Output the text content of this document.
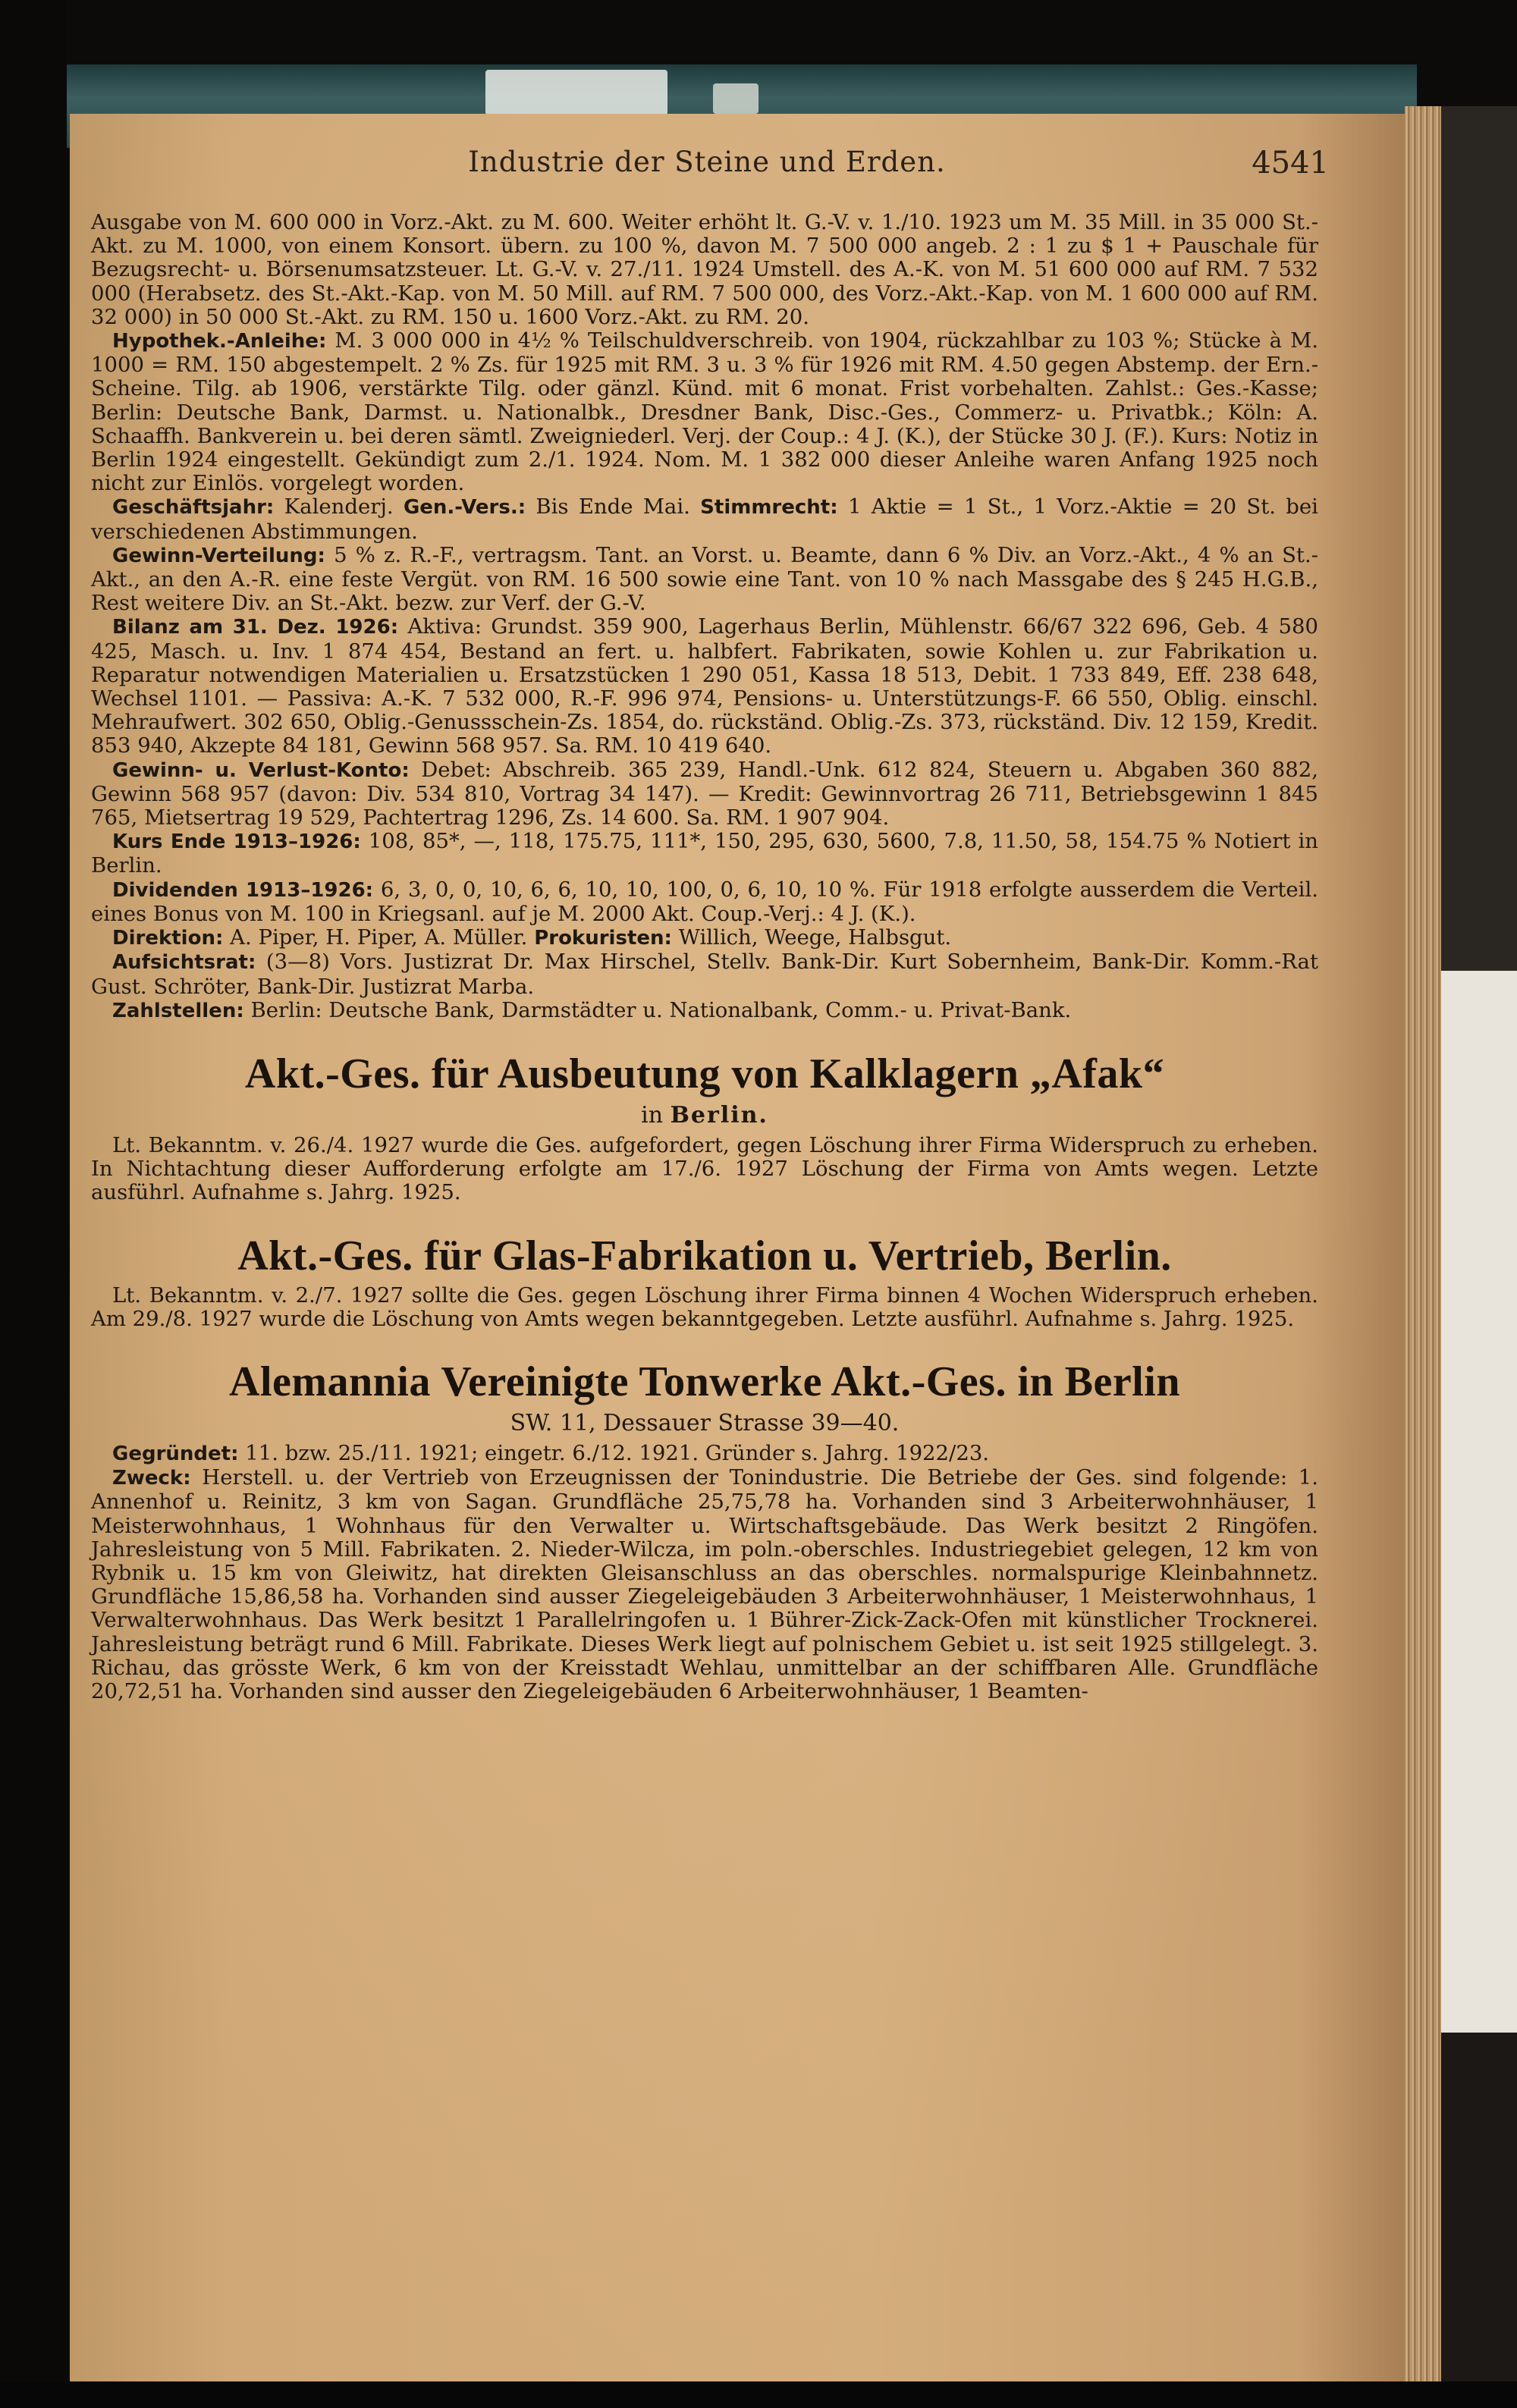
Industrie der Steine und Erden.	4541

Ausgabe von M. 600 000 in Vorz.-Akt. zu M. 600. Weiter erhöht lt. G.-V. v. 1./10. 1923 um M. 35 Mill. in 35 000 St.-Akt. zu M. 1000, von einem Konsort. übern. zu 100 %, davon M. 7 500 000 angeb. 2 : 1 zu $ 1 + Pauschale für Bezugsrecht- u. Börsenumsatzsteuer. Lt. G.-V. v. 27./11. 1924 Umstell. des A.-K. von M. 51 600 000 auf RM. 7 532 000 (Herabsetz. des St.-Akt.-Kap. von M. 50 Mill. auf RM. 7 500 000, des Vorz.-Akt.-Kap. von M. 1 600 000 auf RM. 32 000) in 50 000 St.-Akt. zu RM. 150 u. 1600 Vorz.-Akt. zu RM. 20.

Hypothek.-Anleihe: M. 3 000 000 in 4½ % Teilschuldverschreib. von 1904, rückzahlbar zu 103 %; Stücke à M. 1000 = RM. 150 abgestempelt. 2 % Zs. für 1925 mit RM. 3 u. 3 % für 1926 mit RM. 4.50 gegen Abstemp. der Ern.-Scheine. Tilg. ab 1906, verstärkte Tilg. oder gänzl. Künd. mit 6 monat. Frist vorbehalten. Zahlst.: Ges.-Kasse; Berlin: Deutsche Bank, Darmst. u. Nationalbk., Dresdner Bank, Disc.-Ges., Commerz- u. Privatbk.; Köln: A. Schaaffh. Bankverein u. bei deren sämtl. Zweigniederl. Verj. der Coup.: 4 J. (K.), der Stücke 30 J. (F.). Kurs: Notiz in Berlin 1924 eingestellt. Gekündigt zum 2./1. 1924. Nom. M. 1 382 000 dieser Anleihe waren Anfang 1925 noch nicht zur Einlös. vorgelegt worden.

Geschäftsjahr: Kalenderj. Gen.-Vers.: Bis Ende Mai. Stimmrecht: 1 Aktie = 1 St., 1 Vorz.-Aktie = 20 St. bei verschiedenen Abstimmungen.

Gewinn-Verteilung: 5 % z. R.-F., vertragsm. Tant. an Vorst. u. Beamte, dann 6 % Div. an Vorz.-Akt., 4 % an St.-Akt., an den A.-R. eine feste Vergüt. von RM. 16 500 sowie eine Tant. von 10 % nach Massgabe des § 245 H.G.B., Rest weitere Div. an St.-Akt. bezw. zur Verf. der G.-V.

Bilanz am 31. Dez. 1926: Aktiva: Grundst. 359 900, Lagerhaus Berlin, Mühlenstr. 66/67 322 696, Geb. 4 580 425, Masch. u. Inv. 1 874 454, Bestand an fert. u. halbfert. Fabrikaten, sowie Kohlen u. zur Fabrikation u. Reparatur notwendigen Materialien u. Ersatzstücken 1 290 051, Kassa 18 513, Debit. 1 733 849, Eff. 238 648, Wechsel 1101. — Passiva: A.-K. 7 532 000, R.-F. 996 974, Pensions- u. Unterstützungs-F. 66 550, Oblig. einschl. Mehraufwert. 302 650, Oblig.-Genussschein-Zs. 1854, do. rückständ. Oblig.-Zs. 373, rückständ. Div. 12 159, Kredit. 853 940, Akzepte 84 181, Gewinn 568 957. Sa. RM. 10 419 640.

Gewinn- u. Verlust-Konto: Debet: Abschreib. 365 239, Handl.-Unk. 612 824, Steuern u. Abgaben 360 882, Gewinn 568 957 (davon: Div. 534 810, Vortrag 34 147). — Kredit: Gewinnvortrag 26 711, Betriebsgewinn 1 845 765, Mietsertrag 19 529, Pachtertrag 1296, Zs. 14 600. Sa. RM. 1 907 904.

Kurs Ende 1913–1926: 108, 85*, —, 118, 175.75, 111*, 150, 295, 630, 5600, 7.8, 11.50, 58, 154.75 % Notiert in Berlin.

Dividenden 1913–1926: 6, 3, 0, 0, 10, 6, 6, 10, 10, 100, 0, 6, 10, 10 %. Für 1918 erfolgte ausserdem die Verteil. eines Bonus von M. 100 in Kriegsanl. auf je M. 2000 Akt. Coup.-Verj.: 4 J. (K.).

Direktion: A. Piper, H. Piper, A. Müller. Prokuristen: Willich, Weege, Halbsgut.

Aufsichtsrat: (3—8) Vors. Justizrat Dr. Max Hirschel, Stellv. Bank-Dir. Kurt Sobernheim, Bank-Dir. Komm.-Rat Gust. Schröter, Bank-Dir. Justizrat Marba.

Zahlstellen: Berlin: Deutsche Bank, Darmstädter u. Nationalbank, Comm.- u. Privat-Bank.

Akt.-Ges. für Ausbeutung von Kalklagern „Afak“

in Berlin.

Lt. Bekanntm. v. 26./4. 1927 wurde die Ges. aufgefordert, gegen Löschung ihrer Firma Widerspruch zu erheben. In Nichtachtung dieser Aufforderung erfolgte am 17./6. 1927 Löschung der Firma von Amts wegen. Letzte ausführl. Aufnahme s. Jahrg. 1925.

Akt.-Ges. für Glas-Fabrikation u. Vertrieb, Berlin.

Lt. Bekanntm. v. 2./7. 1927 sollte die Ges. gegen Löschung ihrer Firma binnen 4 Wochen Widerspruch erheben. Am 29./8. 1927 wurde die Löschung von Amts wegen bekanntgegeben. Letzte ausführl. Aufnahme s. Jahrg. 1925.

Alemannia Vereinigte Tonwerke Akt.-Ges. in Berlin

SW. 11, Dessauer Strasse 39—40.

Gegründet: 11. bzw. 25./11. 1921; eingetr. 6./12. 1921. Gründer s. Jahrg. 1922/23.

Zweck: Herstell. u. der Vertrieb von Erzeugnissen der Tonindustrie. Die Betriebe der Ges. sind folgende: 1. Annenhof u. Reinitz, 3 km von Sagan. Grundfläche 25,75,78 ha. Vorhanden sind 3 Arbeiterwohnhäuser, 1 Meisterwohnhaus, 1 Wohnhaus für den Verwalter u. Wirtschaftsgebäude. Das Werk besitzt 2 Ringöfen. Jahresleistung von 5 Mill. Fabrikaten. 2. Nieder-Wilcza, im poln.-oberschles. Industriegebiet gelegen, 12 km von Rybnik u. 15 km von Gleiwitz, hat direkten Gleisanschluss an das oberschles. normalspurige Kleinbahnnetz. Grundfläche 15,86,58 ha. Vorhanden sind ausser Ziegeleigebäuden 3 Arbeiterwohnhäuser, 1 Meisterwohnhaus, 1 Verwalterwohnhaus. Das Werk besitzt 1 Parallelringofen u. 1 Bührer-Zick-Zack-Ofen mit künstlicher Trocknerei. Jahresleistung beträgt rund 6 Mill. Fabrikate. Dieses Werk liegt auf polnischem Gebiet u. ist seit 1925 stillgelegt. 3. Richau, das grösste Werk, 6 km von der Kreisstadt Wehlau, unmittelbar an der schiffbaren Alle. Grundfläche 20,72,51 ha. Vorhanden sind ausser den Ziegeleigebäuden 6 Arbeiterwohnhäuser, 1 Beamten-
